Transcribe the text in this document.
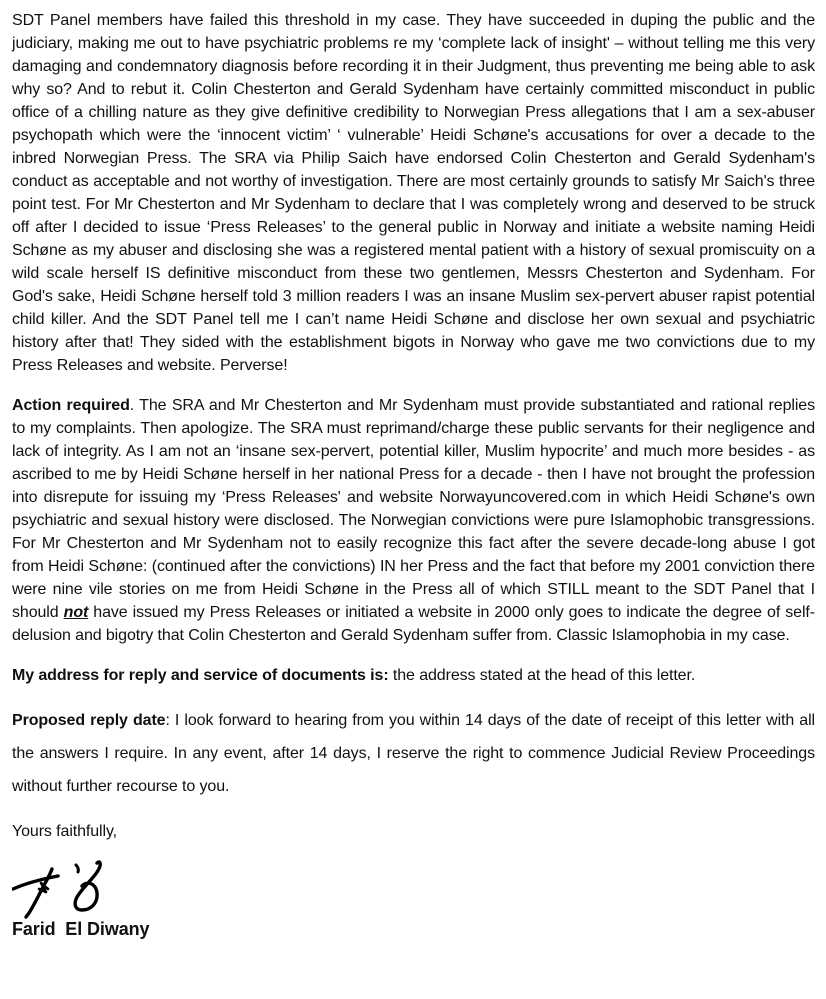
SDT Panel members have failed this threshold in my case. They have succeeded in duping the public and the judiciary, making me out to have psychiatric problems re my ‘complete lack of insight' – without telling me this very damaging and condemnatory diagnosis before recording it in their Judgment, thus preventing me being able to ask why so? And to rebut it. Colin Chesterton and Gerald Sydenham have certainly committed misconduct in public office of a chilling nature as they give definitive credibility to Norwegian Press allegations that I am a sex-abuser psychopath which were the ‘innocent victim’ ‘ vulnerable’ Heidi Schøne's accusations for over a decade to the inbred Norwegian Press. The SRA via Philip Saich have endorsed Colin Chesterton and Gerald Sydenham's conduct as acceptable and not worthy of investigation. There are most certainly grounds to satisfy Mr Saich's three point test. For Mr Chesterton and Mr Sydenham to declare that I was completely wrong and deserved to be struck off after I decided to issue ‘Press Releases’ to the general public in Norway and initiate a website naming Heidi Schøne as my abuser and disclosing she was a registered mental patient with a history of sexual promiscuity on a wild scale herself IS definitive misconduct from these two gentlemen, Messrs Chesterton and Sydenham. For God's sake, Heidi Schøne herself told 3 million readers I was an insane Muslim sex-pervert abuser rapist potential child killer. And the SDT Panel tell me I can’t name Heidi Schøne and disclose her own sexual and psychiatric history after that! They sided with the establishment bigots in Norway who gave me two convictions due to my Press Releases and website. Perverse!

Action required. The SRA and Mr Chesterton and Mr Sydenham must provide substantiated and rational replies to my complaints. Then apologize. The SRA must reprimand/charge these public servants for their negligence and lack of integrity. As I am not an ‘insane sex-pervert, potential killer, Muslim hypocrite’ and much more besides - as ascribed to me by Heidi Schøne herself in her national Press for a decade - then I have not brought the profession into disrepute for issuing my ‘Press Releases' and website Norwayuncovered.com in which Heidi Schøne's own psychiatric and sexual history were disclosed. The Norwegian convictions were pure Islamophobic transgressions. For Mr Chesterton and Mr Sydenham not to easily recognize this fact after the severe decade-long abuse I got from Heidi Schøne: (continued after the convictions) IN her Press and the fact that before my 2001 conviction there were nine vile stories on me from Heidi Schøne in the Press all of which STILL meant to the SDT Panel that I should not have issued my Press Releases or initiated a website in 2000 only goes to indicate the degree of self-delusion and bigotry that Colin Chesterton and Gerald Sydenham suffer from. Classic Islamophobia in my case.

My address for reply and service of documents is: the address stated at the head of this letter.

Proposed reply date: I look forward to hearing from you within 14 days of the date of receipt of this letter with all the answers I require. In any event, after 14 days, I reserve the right to commence Judicial Review Proceedings without further recourse to you.

Yours faithfully,

Farid  El Diwany
